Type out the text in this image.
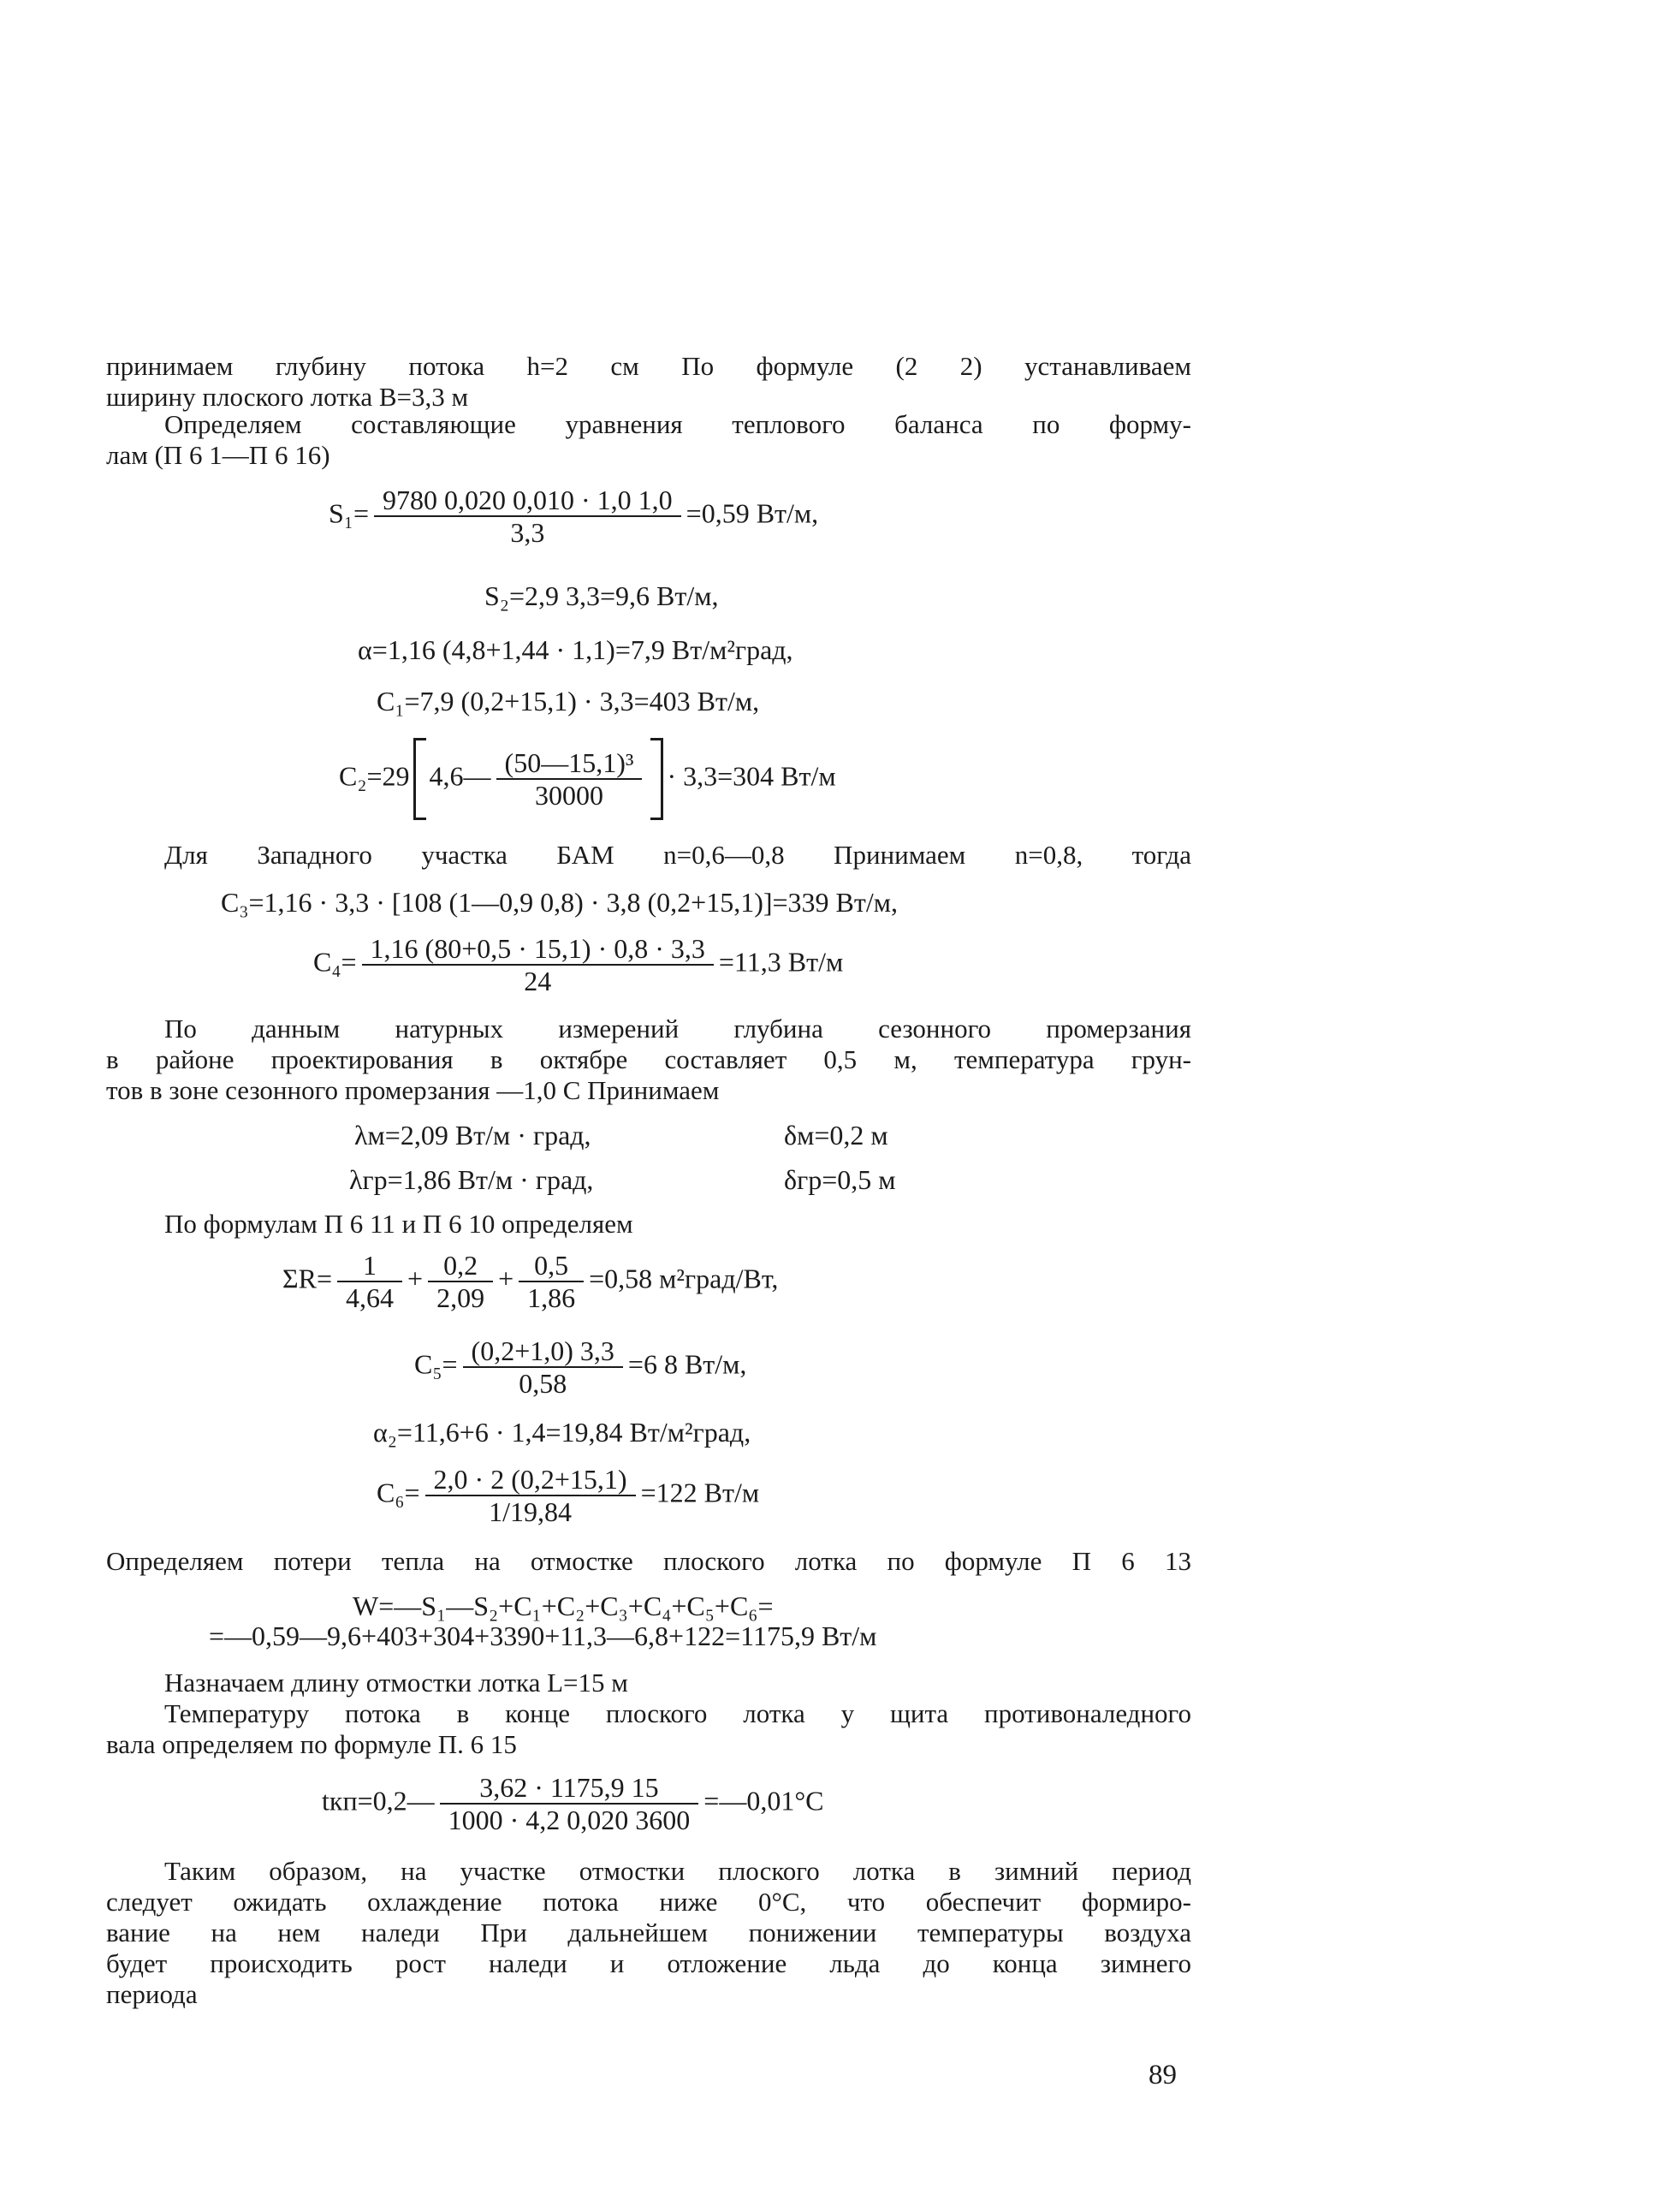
принимаем глубину потока h=2 см По формуле (2 2) устанавливаем
ширину плоского лотка B=3,3 м
Определяем составляющие уравнения теплового баланса по форму-
лам (П 6 1—П 6 16)
$S_1= \frac{9780 0,020 0,010 \cdot 1,0 1,0}{3,3} =0,59$ Вт/м,
S₂=2,9 3,3=9,6 Вт/м,
α=1,16 (4,8+1,44 · 1,1)=7,9 Вт/м²град,
C₁=7,9 (0,2+15,1) · 3,3=403 Вт/м,
C₂=29 4,6— $\frac{\text{(50—15,1)³}}{30000} \cdot 3,3=304$ Вт/м
Для Западного участка БАМ n=0,6—0,8 Принимаем n=0,8, тогда
C₃=1,16 · 3,3 · [108 (1—0,9 0,8) · 3,8 (0,2+15,1)]=339 Вт/м,
$C_4= \frac{1,16 (80+0,5 \cdot 15,1) \cdot 0,8 \cdot 3,3}{24} =11,3$ Вт/м
По данным натурных измерений глубина сезонного промерзания
в районе проектирования в октябре составляет 0,5 м, температура грун-
тов в зоне сезонного промерзания —1,0 С Принимаем
λм=2,09 Вт/м · град,	δм=0,2 м
λгр=1,86 Вт/м · град,	δгр=0,5 м
По формулам П 6 11 и П 6 10 определяем
$\Sigma R= \frac{1}{4,64} + \frac{0,2}{2,09} + \frac{0,5}{1,86} =0,58$ м²град/Вт,
$C_5= \frac{(0,2+1,0) 3,3}{0,58} =6$ 8 Вт/м,
α₂=11,6+6 · 1,4=19,84 Вт/м²град,
$C_6= \frac{2,0 \cdot 2 (0,2+15,1)}{1/19,84} =122$ Вт/м
Определяем потери тепла на отмостке плоского лотка по формуле П 6 13
W=—S₁—S₂+C₁+C₂+C₃+C₄+C₅+C₆=
=—0,59—9,6+403+304+3390+11,3—6,8+122=1175,9 Вт/м
Назначаем длину отмостки лотка L=15 м
Температуру потока в конце плоского лотка у щита противоналедного
вала определяем по формуле П. 6 15
tкп=0,2— $\frac{3,62 \cdot 1175,9 15}{1000 \cdot 4,2 0,020 3600}$ =—0,01°C
Таким образом, на участке отмостки плоского лотка в зимний период
следует ожидать охлаждение потока ниже 0°C, что обеспечит формиро-
вание на нем наледи При дальнейшем понижении температуры воздуха
будет происходить рост наледи и отложение льда до конца зимнего
периода
89
